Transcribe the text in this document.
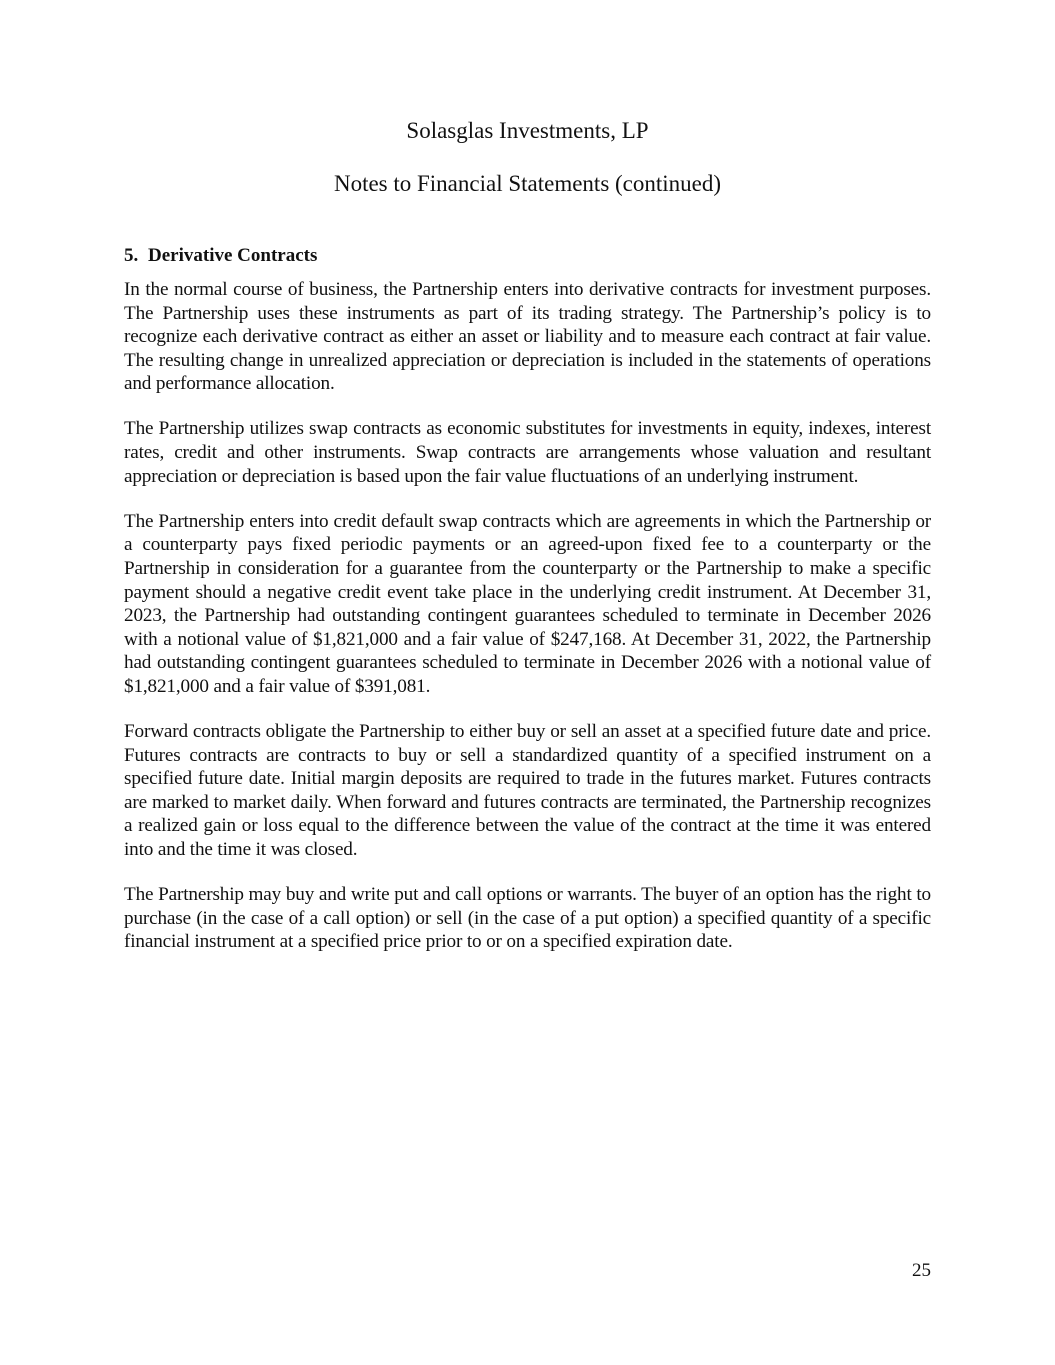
Solasglas Investments, LP
Notes to Financial Statements (continued)
5. Derivative Contracts

In the normal course of business, the Partnership enters into derivative contracts for investment purposes. The Partnership uses these instruments as part of its trading strategy. The Partnership’s policy is to recognize each derivative contract as either an asset or liability and to measure each contract at fair value. The resulting change in unrealized appreciation or depreciation is included in the statements of operations and performance allocation.

The Partnership utilizes swap contracts as economic substitutes for investments in equity, indexes, interest rates, credit and other instruments. Swap contracts are arrangements whose valuation and resultant appreciation or depreciation is based upon the fair value fluctuations of an underlying instrument.

The Partnership enters into credit default swap contracts which are agreements in which the Partnership or a counterparty pays fixed periodic payments or an agreed-upon fixed fee to a counterparty or the Partnership in consideration for a guarantee from the counterparty or the Partnership to make a specific payment should a negative credit event take place in the underlying credit instrument. At December 31, 2023, the Partnership had outstanding contingent guarantees scheduled to terminate in December 2026 with a notional value of $1,821,000 and a fair value of $247,168. At December 31, 2022, the Partnership had outstanding contingent guarantees scheduled to terminate in December 2026 with a notional value of $1,821,000 and a fair value of $391,081.

Forward contracts obligate the Partnership to either buy or sell an asset at a specified future date and price. Futures contracts are contracts to buy or sell a standardized quantity of a specified instrument on a specified future date. Initial margin deposits are required to trade in the futures market. Futures contracts are marked to market daily. When forward and futures contracts are terminated, the Partnership recognizes a realized gain or loss equal to the difference between the value of the contract at the time it was entered into and the time it was closed.

The Partnership may buy and write put and call options or warrants. The buyer of an option has the right to purchase (in the case of a call option) or sell (in the case of a put option) a specified quantity of a specific financial instrument at a specified price prior to or on a specified expiration date.

25
